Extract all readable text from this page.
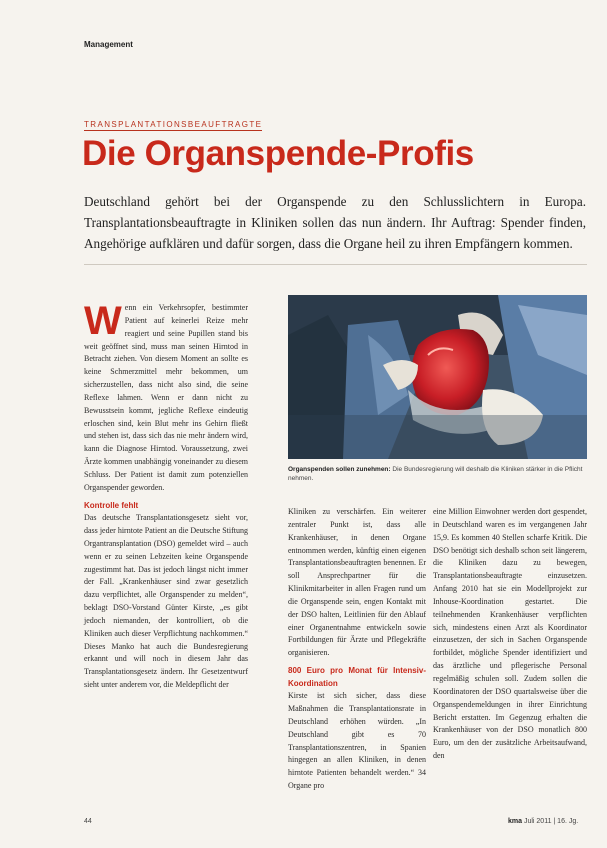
Management
TRANSPLANTATIONSBEAUFTRAGTE
Die Organspende-Profis
Deutschland gehört bei der Organspende zu den Schlusslichtern in Europa. Transplantationsbeauftragte in Kliniken sollen das nun ändern. Ihr Auftrag: Spender finden, Angehörige aufklären und dafür sorgen, dass die Organe heil zu ihren Empfängern kommen.
W enn ein Verkehrsopfer, bestimmter Patient auf keinerlei Reize mehr reagiert und seine Pupillen stand bis weit geöffnet sind, muss man seinen Hirntod in Betracht ziehen. Von diesem Moment an sollte es keine Schmerzmittel mehr bekommen, um sicherzustellen, dass nicht also sind, die seine Reflexe lahmen. Wenn er dann nicht zu Bewusstsein kommt, jegliche Reflexe eindeutig erloschen sind, kein Blut mehr ins Gehirn fließt und stehen ist, dass sich das nie mehr ändern wird, kann die Diagnose Hirntod. Voraussetzung, zwei Ärzte kommen unabhängig voneinander zu diesem Schluss. Der Patient ist damit zum potenziellen Organspender geworden.

Kontrolle fehlt

Das deutsche Transplantationsgesetz sieht vor, dass jeder hirntote Patient an die Deutsche Stiftung Organtransplantation (DSO) gemeldet wird – auch wenn er zu seinen Lebzeiten keine Organspende zugestimmt hat. Das ist jedoch längst nicht immer der Fall. „Krankenhäuser sind zwar gesetzlich dazu verpflichtet, alle Organspender zu melden“, beklagt DSO-Vorstand Günter Kirste, „es gibt jedoch niemanden, der kontrolliert, ob die Kliniken auch dieser Verpflichtung nachkommen.“ Dieses Manko hat auch die Bundesregierung erkannt und will noch in diesem Jahr das Transplantationsgesetz ändern. Ihr Gesetzentwurf sieht unter anderem vor, die Meldepflicht der

Organspenden sollen zunehmen: Die Bundesregierung will deshalb die Kliniken stärker in die Pflicht nehmen.

Kliniken zu verschärfen. Ein weiterer zentraler Punkt ist, dass alle Krankenhäuser, in denen Organe entnommen werden, künftig einen eigenen Transplantationsbeauftragten benennen. Er soll Ansprechpartner für die Klinikmitarbeiter in allen Fragen rund um die Organspende sein, engen Kontakt mit der DSO halten, Leitlinien für den Ablauf einer Organentnahme entwickeln sowie Fortbildungen für Ärzte und Pflegekräfte organisieren.

800 Euro pro Monat für Intensiv-Koordination

Kirste ist sich sicher, dass diese Maßnahmen die Transplantationsrate in Deutschland erhöhen würden. „In Deutschland gibt es 70 Transplantationszentren, in Spanien hingegen an allen Kliniken, in denen hirntote Patienten behandelt werden.“ 34 Organe pro

eine Million Einwohner werden dort gespendet, in Deutschland waren es im vergangenen Jahr 15,9. Es kommen 40 Stellen scharfe Kritik. Die DSO benötigt sich deshalb schon seit längerem, die Kliniken dazu zu bewegen, Transplantationsbeauftragte einzusetzen. Anfang 2010 hat sie ein Modellprojekt zur Inhouse-Koordination gestartet. Die teilnehmenden Krankenhäuser verpflichten sich, mindestens einen Arzt als Koordinator einzusetzen, der sich in Sachen Organspende fortbildet, mögliche Spender identifiziert und das ärztliche und pflegerische Personal regelmäßig schulen soll. Zudem sollen die Koordinatoren der DSO quartalsweise über die Organspendemeldungen in ihrer Einrichtung Bericht erstatten. Im Gegenzug erhalten die Krankenhäuser von der DSO monatlich 800 Euro, um den der zusätzliche Arbeitsaufwand, den

44	kma Juli 2011 | 16. Jg.
